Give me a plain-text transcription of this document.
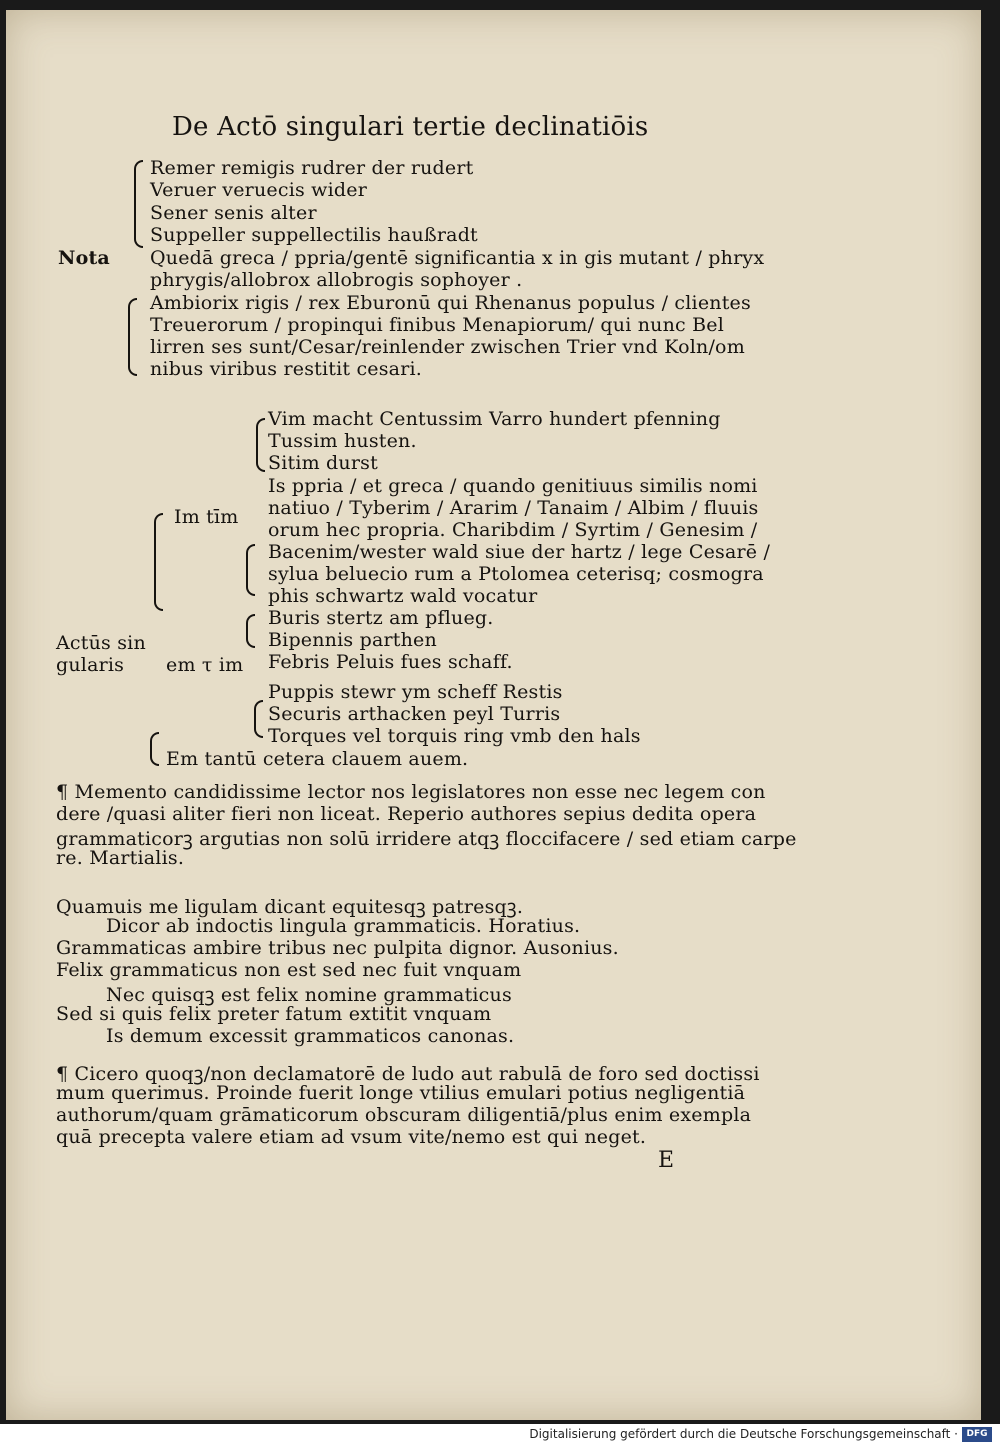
De Actō singulari tertie declinatiōis
Remer remigis rudrer der rudert
Veruer veruecis wider
Sener senis alter
Suppeller suppellectilis haußradt
Nota Quedā greca / ppria/gentē significantia x in gis mutant / phryx
phrygis/allobrox allobrogis sophoyer .
Ambiorix rigis / rex Eburonū qui Rhenanus populus / clientes
Treuerorum / propinqui finibus Menapiorum/ qui nunc Bel
lirren ses sunt/Cesar/reinlender zwischen Trier vnd Koln/om
nibus viribus restitit cesari.
Vim macht Centussim Varro hundert pfenning
Tussim husten.
Sitim durst
Im tīm
Is ppria / et greca / quando genitiuus similis nomi
natiuo / Tyberim / Ararim / Tanaim / Albim / fluuis
orum hec propria. Charibdim / Syrtim / Genesim /
Bacenim/wester wald siue der hartz / lege Cesarē /
sylua beluecio rum a Ptolomea ceterisq; cosmogra
phis schwartz wald vocatur
Buris stertz am pflueg.
Bipennis parthen
Febris Peluis fues schaff.
Actūs sin
gularis em τ im
Puppis stewr ym scheff Restis
Securis arthacken peyl Turris
Torques vel torquis ring vmb den hals
Em tantū cetera clauem auem.
¶ Memento candidissime lector nos legislatores non esse nec legem con
dere /quasi aliter fieri non liceat. Reperio authores sepius dedita opera
grammaticorꝫ argutias non solū irridere atqꝫ floccifacere / sed etiam carpe
re. Martialis.
Quamuis me ligulam dicant equitesqꝫ patresqꝫ.
Dicor ab indoctis lingula grammaticis. Horatius.
Grammaticas ambire tribus nec pulpita dignor. Ausonius.
Felix grammaticus non est sed nec fuit vnquam
Nec quisqꝫ est felix nomine grammaticus
Sed si quis felix preter fatum extitit vnquam
Is demum excessit grammaticos canonas.
¶ Cicero quoqꝫ/non declamatorē de ludo aut rabulā de foro sed doctissi
mum querimus. Proinde fuerit longe vtilius emulari potius negligentiā
authorum/quam grāmaticorum obscuram diligentiā/plus enim exempla
quā precepta valere etiam ad vsum vite/nemo est qui neget.
E
Digitalisierung gefördert durch die Deutsche Forschungsgemeinschaft · DFG
